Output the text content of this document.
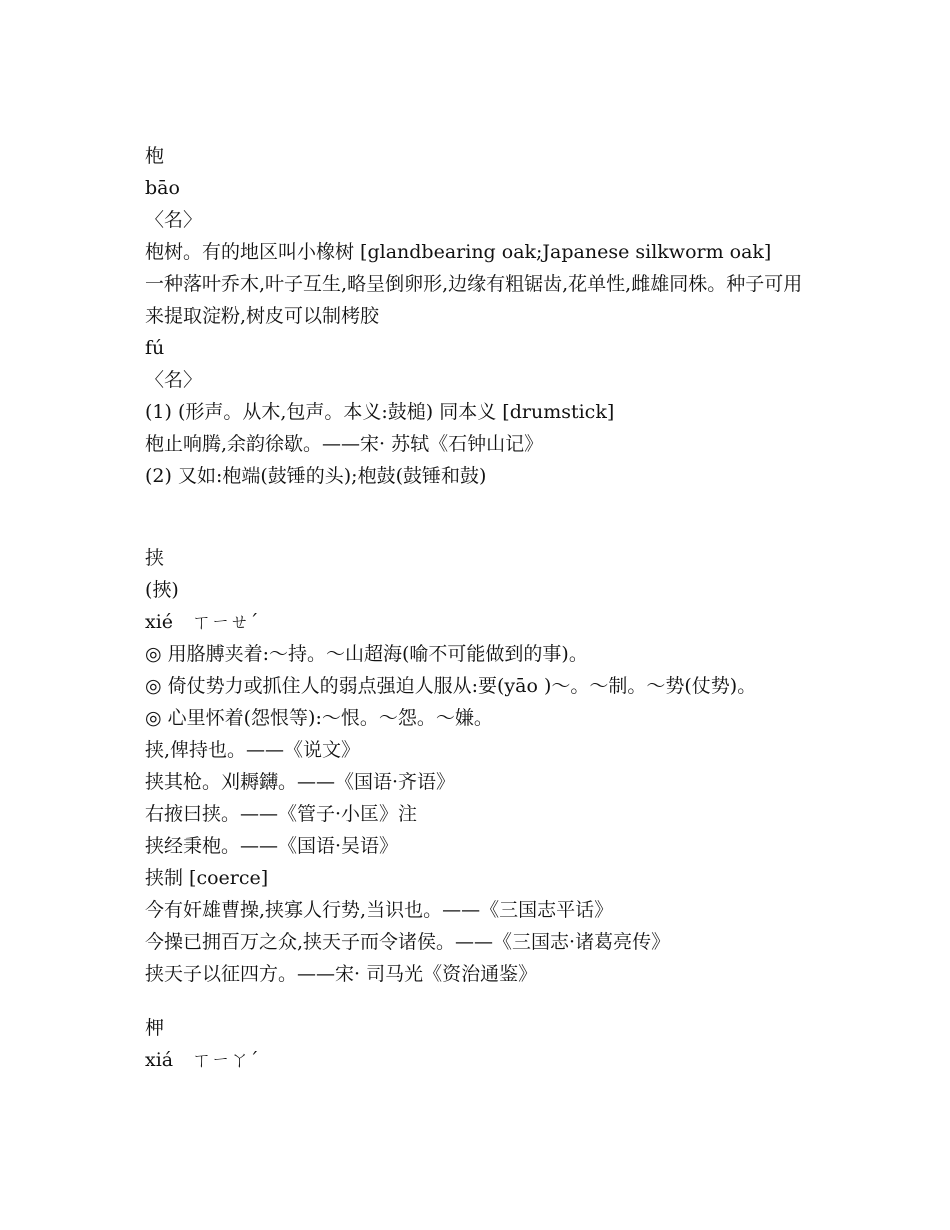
枹
bāo
〈名〉
枹树。有的地区叫小橡树 [glandbearing oak;Japanese silkworm oak]
一种落叶乔木,叶子互生,略呈倒卵形,边缘有粗锯齿,花单性,雌雄同株。种子可用来提取淀粉,树皮可以制栲胶
fú
〈名〉
(1) (形声。从木,包声。本义:鼓槌) 同本义 [drumstick]
枹止响腾,余韵徐歇。——宋· 苏轼《石钟山记》
(2) 又如:枹端(鼓锤的头);枹鼓(鼓锤和鼓)
挟
(挾)
xié　ㄒㄧㄝˊ
◎ 用胳膊夹着:～持。～山超海(喻不可能做到的事)。
◎ 倚仗势力或抓住人的弱点强迫人服从:要(yāo )～。～制。～势(仗势)。
◎ 心里怀着(怨恨等):～恨。～怨。～嫌。
挟,俾持也。——《说文》
挟其枪。刈耨鑮。——《国语·齐语》
右掖曰挟。——《管子·小匡》注
挟经秉枹。——《国语·吴语》
挟制 [coerce]
今有奸雄曹操,挟寡人行势,当识也。——《三国志平话》
今操已拥百万之众,挟天子而令诸侯。——《三国志·诸葛亮传》
挟天子以征四方。——宋· 司马光《资治通鉴》
柙
xiá　ㄒㄧㄚˊ
